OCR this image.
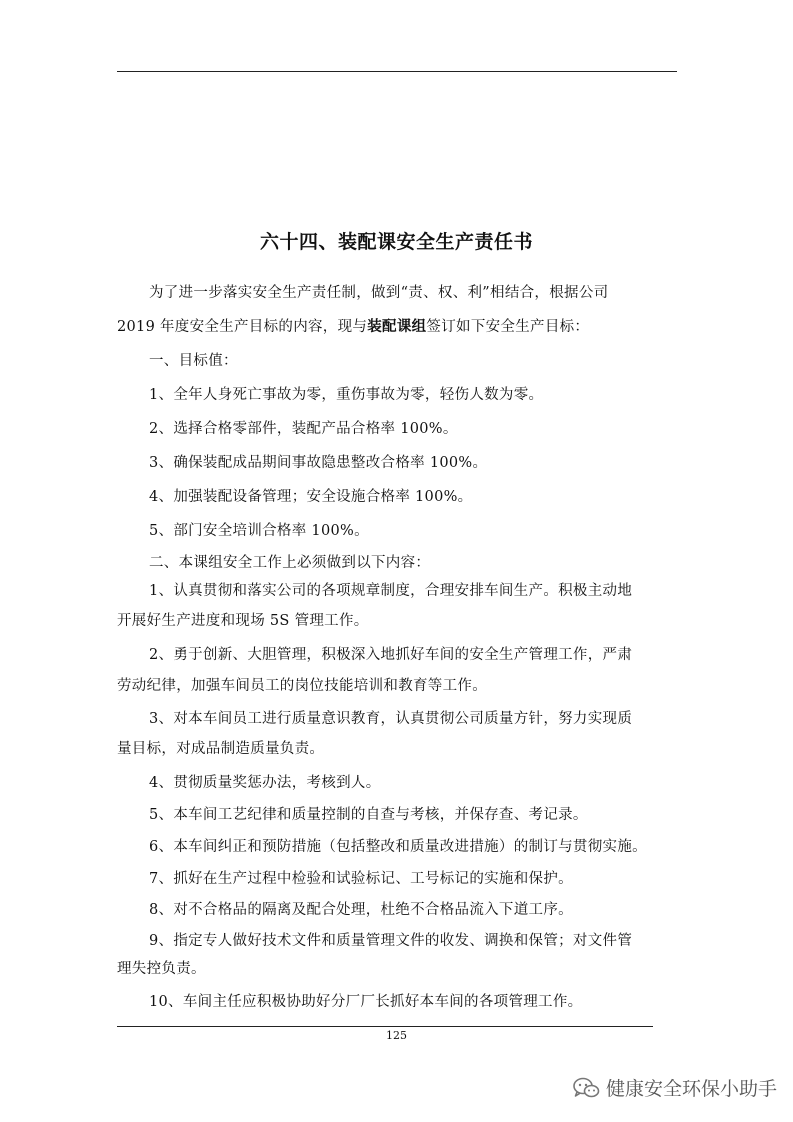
六十四、装配课安全生产责任书
为了进一步落实安全生产责任制，做到“责、权、利”相结合，根据公司
2019 年度安全生产目标的内容，现与装配课组签订如下安全生产目标：
一、目标值：
1、全年人身死亡事故为零，重伤事故为零，轻伤人数为零。
2、选择合格零部件，装配产品合格率 100%。
3、确保装配成品期间事故隐患整改合格率 100%。
4、加强装配设备管理；安全设施合格率 100%。
5、部门安全培训合格率 100%。
二、本课组安全工作上必须做到以下内容：
1、认真贯彻和落实公司的各项规章制度，合理安排车间生产。积极主动地
开展好生产进度和现场 5S 管理工作。
2、勇于创新、大胆管理，积极深入地抓好车间的安全生产管理工作，严肃
劳动纪律，加强车间员工的岗位技能培训和教育等工作。
3、对本车间员工进行质量意识教育，认真贯彻公司质量方针，努力实现质
量目标，对成品制造质量负责。
4、贯彻质量奖惩办法，考核到人。
5、本车间工艺纪律和质量控制的自查与考核，并保存查、考记录。
6、本车间纠正和预防措施（包括整改和质量改进措施）的制订与贯彻实施。
7、抓好在生产过程中检验和试验标记、工号标记的实施和保护。
8、对不合格品的隔离及配合处理，杜绝不合格品流入下道工序。
9、指定专人做好技术文件和质量管理文件的收发、调换和保管；对文件管
理失控负责。
10、车间主任应积极协助好分厂厂长抓好本车间的各项管理工作。
125
健康安全环保小助手
